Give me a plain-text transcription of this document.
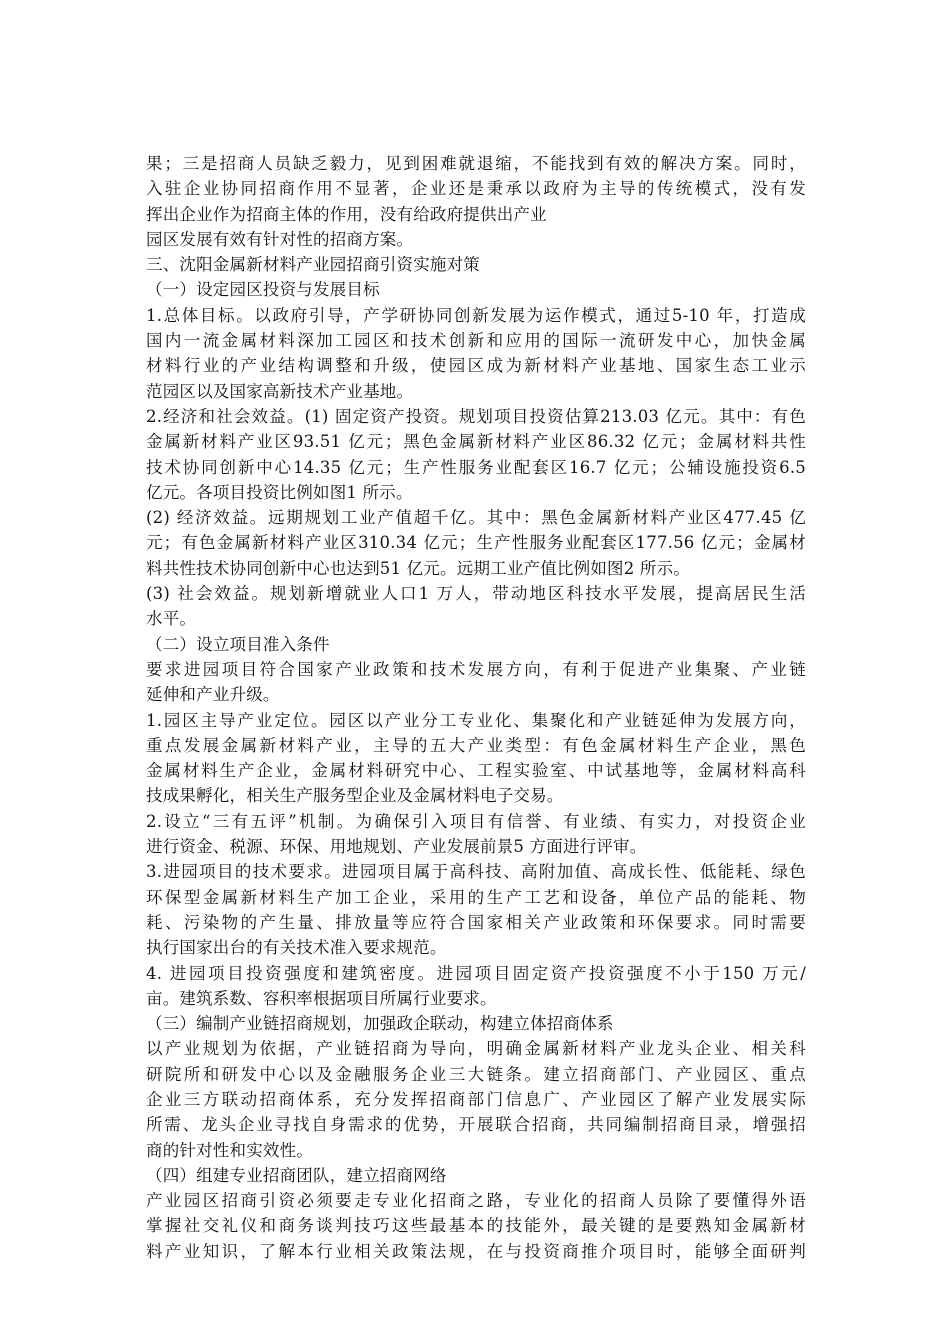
果；三是招商人员缺乏毅力，见到困难就退缩，不能找到有效的解决方案。同时，
入驻企业协同招商作用不显著，企业还是秉承以政府为主导的传统模式，没有发
挥出企业作为招商主体的作用，没有给政府提供出产业
园区发展有效有针对性的招商方案。
三、沈阳金属新材料产业园招商引资实施对策
（一）设定园区投资与发展目标
1.总体目标。以政府引导，产学研协同创新发展为运作模式，通过5-10 年，打造成
国内一流金属材料深加工园区和技术创新和应用的国际一流研发中心，加快金属
材料行业的产业结构调整和升级，使园区成为新材料产业基地、国家生态工业示
范园区以及国家高新技术产业基地。
2.经济和社会效益。(1) 固定资产投资。规划项目投资估算213.03 亿元。其中：有色
金属新材料产业区93.51 亿元；黑色金属新材料产业区86.32 亿元；金属材料共性
技术协同创新中心14.35 亿元；生产性服务业配套区16.7 亿元；公辅设施投资6.5
亿元。各项目投资比例如图1 所示。
(2) 经济效益。远期规划工业产值超千亿。其中：黑色金属新材料产业区477.45 亿
元；有色金属新材料产业区310.34 亿元；生产性服务业配套区177.56 亿元；金属材
料共性技术协同创新中心也达到51 亿元。远期工业产值比例如图2 所示。
(3) 社会效益。规划新增就业人口1 万人，带动地区科技水平发展，提高居民生活
水平。
（二）设立项目准入条件
要求进园项目符合国家产业政策和技术发展方向，有利于促进产业集聚、产业链
延伸和产业升级。
1.园区主导产业定位。园区以产业分工专业化、集聚化和产业链延伸为发展方向，
重点发展金属新材料产业，主导的五大产业类型：有色金属材料生产企业，黑色
金属材料生产企业，金属材料研究中心、工程实验室、中试基地等，金属材料高科
技成果孵化，相关生产服务型企业及金属材料电子交易。
2.设立“三有五评”机制。为确保引入项目有信誉、有业绩、有实力，对投资企业
进行资金、税源、环保、用地规划、产业发展前景5 方面进行评审。
3.进园项目的技术要求。进园项目属于高科技、高附加值、高成长性、低能耗、绿色
环保型金属新材料生产加工企业，采用的生产工艺和设备，单位产品的能耗、物
耗、污染物的产生量、排放量等应符合国家相关产业政策和环保要求。同时需要
执行国家出台的有关技术准入要求规范。
4. 进园项目投资强度和建筑密度。进园项目固定资产投资强度不小于150 万元/
亩。建筑系数、容积率根据项目所属行业要求。
（三）编制产业链招商规划，加强政企联动，构建立体招商体系
以产业规划为依据，产业链招商为导向，明确金属新材料产业龙头企业、相关科
研院所和研发中心以及金融服务企业三大链条。建立招商部门、产业园区、重点
企业三方联动招商体系，充分发挥招商部门信息广、产业园区了解产业发展实际
所需、龙头企业寻找自身需求的优势，开展联合招商，共同编制招商目录，增强招
商的针对性和实效性。
（四）组建专业招商团队，建立招商网络
产业园区招商引资必须要走专业化招商之路，专业化的招商人员除了要懂得外语
掌握社交礼仪和商务谈判技巧这些最基本的技能外，最关键的是要熟知金属新材
料产业知识，了解本行业相关政策法规，在与投资商推介项目时，能够全面研判
